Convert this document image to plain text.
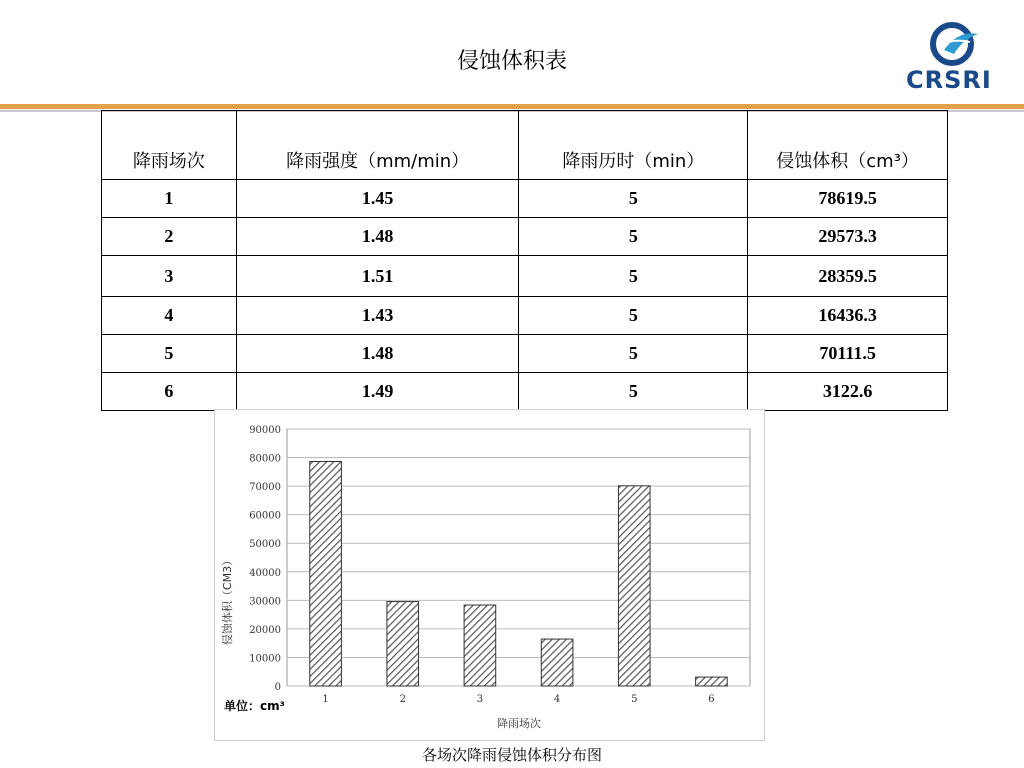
侵蚀体积表
CRSRI
降雨场次	降雨强度（mm/min）	降雨历时（min）	侵蚀体积（cm³）
1	1.45	5	78619.5
2	1.48	5	29573.3
3	1.51	5	28359.5
4	1.43	5	16436.3
5	1.48	5	70111.5
6	1.49	5	3122.6
0
10000
20000
30000
40000
50000
60000
70000
80000
90000
1	2	3	4	5	6
侵蚀体积（CM3）
降雨场次
单位：cm³
各场次降雨侵蚀体积分布图
